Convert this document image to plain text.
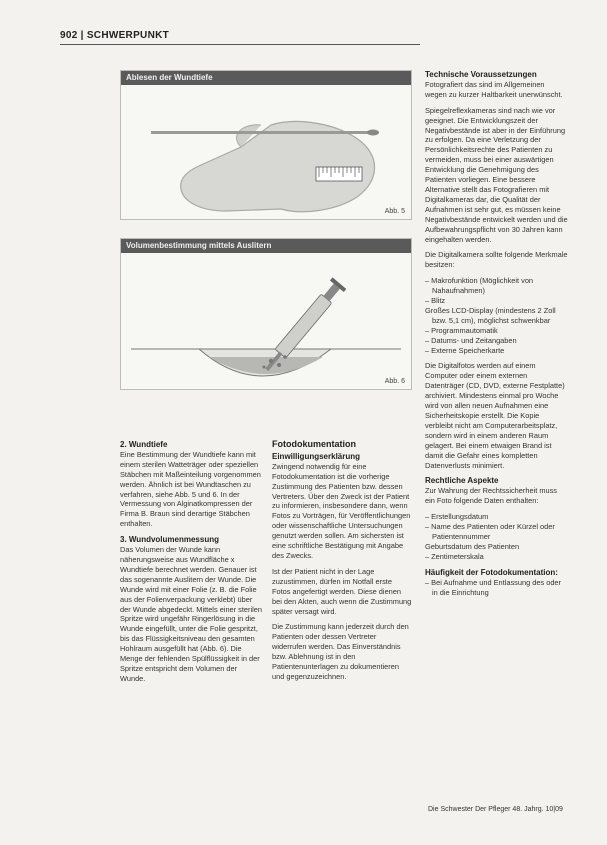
902 | SCHWERPUNKT
Ablesen der Wundtiefe
Abb. 5
Volumenbestimmung mittels Auslitern
Abb. 6
2. Wundtiefe

Eine Bestimmung der Wundtiefe kann mit einem sterilen Watteträger oder speziellen Stäbchen mit Maßeinteilung vorgenommen werden. Ähnlich ist bei Wundtaschen zu verfahren, siehe Abb. 5 und 6. In der Vermessung von Alginatkompressen der Firma B. Braun sind derartige Stäbchen enthalten.

3. Wundvolumenmessung

Das Volumen der Wunde kann näherungsweise aus Wundfläche x Wundtiefe berechnet werden. Genauer ist das sogenannte Auslitern der Wunde. Die Wunde wird mit einer Folie (z. B. die Folie aus der Folienverpackung verklebt) über der Wunde abgedeckt. Mittels einer sterilen Spritze wird ungefähr Ringerlösung in die Wunde eingefüllt, unter die Folie gespritzt, bis das Flüssigkeitsniveau den gesamten Hohlraum ausgefüllt hat (Abb. 6). Die Menge der fehlenden Spülflüssigkeit in der Spritze entspricht dem Volumen der Wunde.

Fotodokumentation
Einwilligungserklärung

Zwingend notwendig für eine Fotodokumentation ist die vorherige Zustimmung des Patienten bzw. dessen Vertreters. Über den Zweck ist der Patient zu informieren, insbesondere dann, wenn Fotos zu Vorträgen, für Veröffentlichungen oder wissenschaftliche Untersuchungen genutzt werden sollen. Am sichersten ist eine schriftliche Bestätigung mit Angabe des Zwecks.

Ist der Patient nicht in der Lage zuzustimmen, dürfen im Notfall erste Fotos angefertigt werden. Diese dienen bei den Akten, auch wenn die Zustimmung später versagt wird.

Die Zustimmung kann jederzeit durch den Patienten oder dessen Vertreter widerrufen werden. Das Einverständnis bzw. Ablehnung ist in den Patientenunterlagen zu dokumentieren und gegenzuzeichnen.

Technische Voraussetzungen

Fotografiert das sind im Allgemeinen wegen zu kurzer Haltbarkeit unerwünscht.

Spiegelreflexkameras sind nach wie vor geeignet. Die Entwicklungszeit der Negativbestände ist aber in der Einführung zu erfolgen. Da eine Verletzung der Persönlichkeitsrechte des Patienten zu vermeiden, muss bei einer auswärtigen Entwicklung die Genehmigung des Patienten vorliegen. Eine bessere Alternative stellt das Fotografieren mit Digitalkameras dar, die Qualität der Aufnahmen ist sehr gut, es müssen keine Negativbestände entwickelt werden und die Aufbewahrungspflicht von 30 Jahren kann eingehalten werden.

Die Digitalkamera sollte folgende Merkmale besitzen:

– Makrofunktion (Möglichkeit von Nahaufnahmen)
– Blitz
Großes LCD-Display (mindestens 2 Zoll bzw. 5,1 cm), möglichst schwenkbar
– Programmautomatik
– Datums- und Zeitangaben
– Externe Speicherkarte

Die Digitalfotos werden auf einem Computer oder einem externen Datenträger (CD, DVD, externe Festplatte) archiviert. Mindestens einmal pro Woche wird von allen neuen Aufnahmen eine Sicherheitskopie erstellt. Die Kopie verbleibt nicht am Computerarbeitsplatz, sondern wird in einem anderen Raum gelagert. Bei einem etwaigen Brand ist damit die Gefahr eines kompletten Datenverlusts minimiert.

Rechtliche Aspekte

Zur Wahrung der Rechtssicherheit muss ein Foto folgende Daten enthalten:

– Erstellungsdatum
– Name des Patienten oder Kürzel oder Patientennummer
Geburtsdatum des Patienten
– Zentimeterskala
Häufigkeit der Fotodokumentation:
– Bei Aufnahme und Entlassung des oder in die Einrichtung
Die Schwester Der Pfleger 48. Jahrg. 10|09
